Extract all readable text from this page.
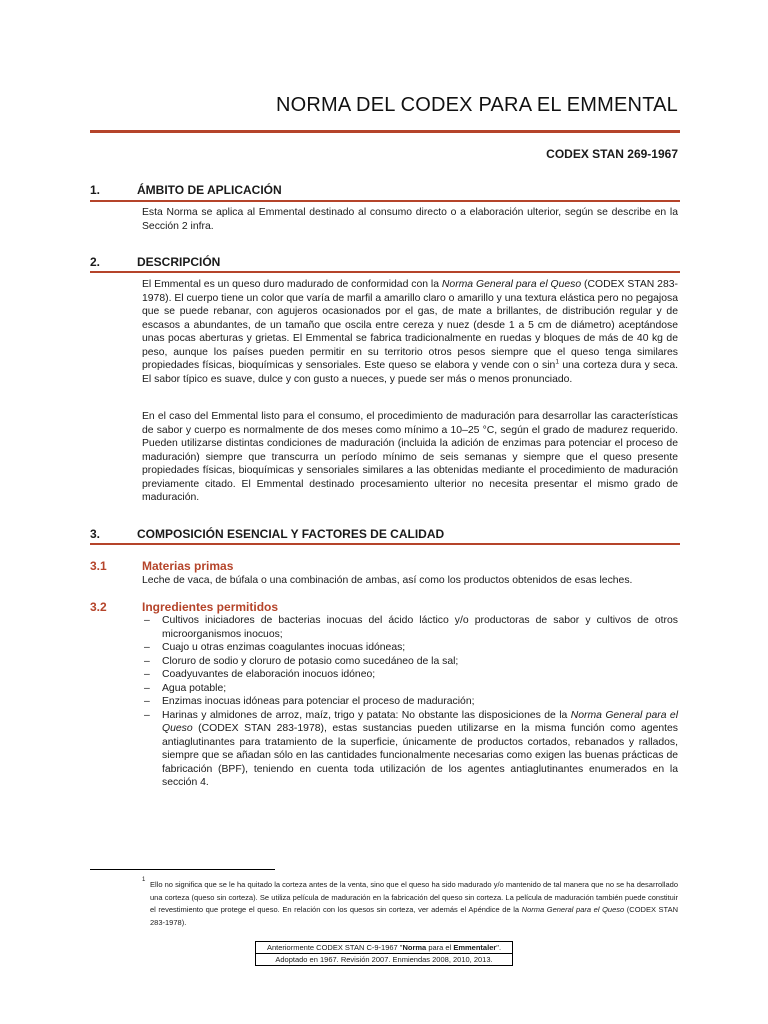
NORMA DEL CODEX PARA EL EMMENTAL
CODEX STAN 269-1967
1.	ÁMBITO DE APLICACIÓN
Esta Norma se aplica al Emmental destinado al consumo directo o a elaboración ulterior, según se describe en la Sección 2 infra.
2.	DESCRIPCIÓN
El Emmental es un queso duro madurado de conformidad con la Norma General para el Queso (CODEX STAN 283-1978). El cuerpo tiene un color que varía de marfil a amarillo claro o amarillo y una textura elástica pero no pegajosa que se puede rebanar, con agujeros ocasionados por el gas, de mate a brillantes, de distribución regular y de escasos a abundantes, de un tamaño que oscila entre cereza y nuez (desde 1 a 5 cm de diámetro) aceptándose unas pocas aberturas y grietas. El Emmental se fabrica tradicionalmente en ruedas y bloques de más de 40 kg de peso, aunque los países pueden permitir en su territorio otros pesos siempre que el queso tenga similares propiedades físicas, bioquímicas y sensoriales. Este queso se elabora y vende con o $\sin^1$ una corteza dura y seca. El sabor típico es suave, dulce y con gusto a nueces, y puede ser más o menos pronunciado.
En el caso del Emmental listo para el consumo, el procedimiento de maduración para desarrollar las características de sabor y cuerpo es normalmente de dos meses como mínimo a 10–25 °C, según el grado de madurez requerido. Pueden utilizarse distintas condiciones de maduración (incluida la adición de enzimas para potenciar el proceso de maduración) siempre que transcurra un período mínimo de seis semanas y siempre que el queso presente propiedades físicas, bioquímicas y sensoriales similares a las obtenidas mediante el procedimiento de maduración previamente citado. El Emmental destinado procesamiento ulterior no necesita presentar el mismo grado de maduración.
3.	COMPOSICIÓN ESENCIAL Y FACTORES DE CALIDAD
3.1	Materias primas
Leche de vaca, de búfala o una combinación de ambas, así como los productos obtenidos de esas leches.
3.2	Ingredientes permitidos
– Cultivos iniciadores de bacterias inocuas del ácido láctico y/o productoras de sabor y cultivos de otros microorganismos inocuos;
– Cuajo u otras enzimas coagulantes inocuas idóneas;
– Cloruro de sodio y cloruro de potasio como sucedáneo de la sal;
– Coadyuvantes de elaboración inocuos idóneo;
– Agua potable;
– Enzimas inocuas idóneas para potenciar el proceso de maduración;
– Harinas y almidones de arroz, maíz, trigo y patata: No obstante las disposiciones de la Norma General para el Queso (CODEX STAN 283-1978), estas sustancias pueden utilizarse en la misma función como agentes antiaglutinantes para tratamiento de la superficie, únicamente de productos cortados, rebanados y rallados, siempre que se añadan sólo en las cantidades funcionalmente necesarias como exigen las buenas prácticas de fabricación (BPF), teniendo en cuenta toda utilización de los agentes antiaglutinantes enumerados en la sección 4.
1 Ello no significa que se le ha quitado la corteza antes de la venta, sino que el queso ha sido madurado y/o mantenido de tal manera que no se ha desarrollado una corteza (queso sin corteza). Se utiliza película de maduración en la fabricación del queso sin corteza. La película de maduración también puede constituir el revestimiento que protege el queso. En relación con los quesos sin corteza, ver además el Apéndice de la Norma General para el Queso (CODEX STAN 283-1978).
Anteriormente CODEX STAN C-9-1967 "Norma para el Emmentaler".
Adoptado en 1967. Revisión 2007. Enmiendas 2008, 2010, 2013.
